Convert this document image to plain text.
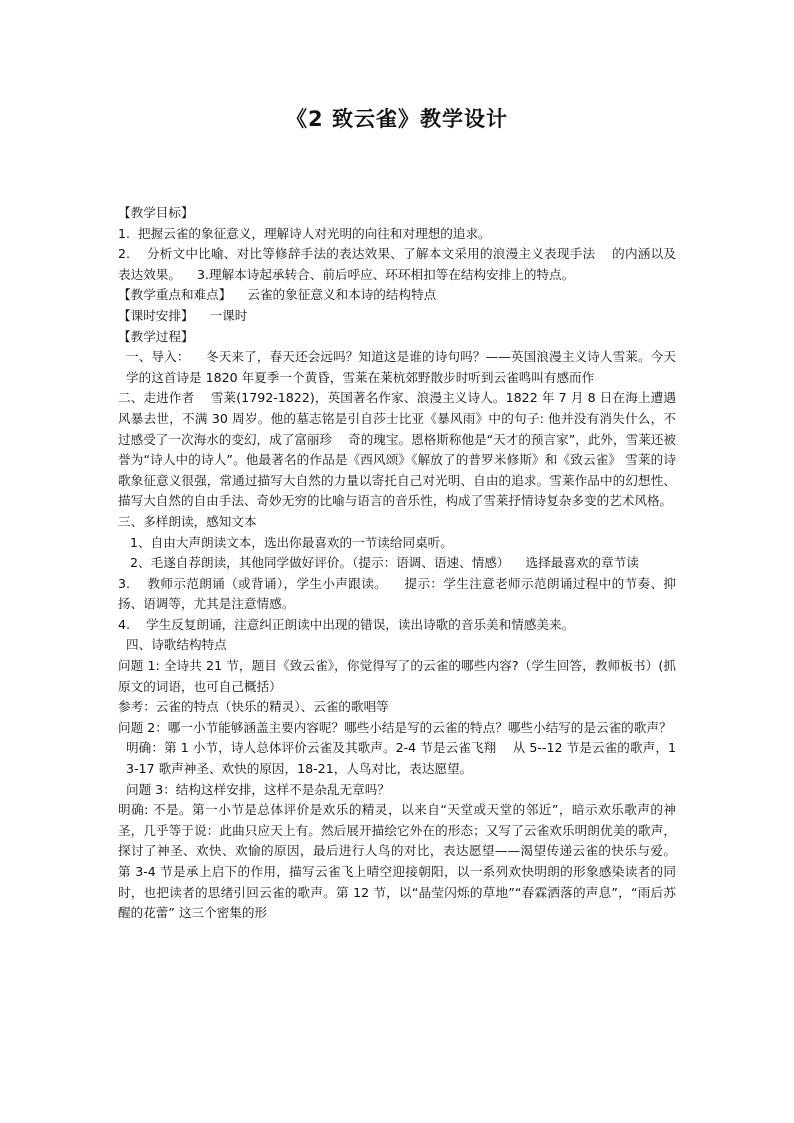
《2 致云雀》教学设计

【教学目标】

1.  把握云雀的象征意义，理解诗人对光明的向往和对理想的追求。

2.    分析文中比喻、对比等修辞手法的表达效果、了解本文采用的浪漫主义表现手法    的内涵以及表达效果。    3.理解本诗起承转合、前后呼应、环环相扣等在结构安排上的特点。

【教学重点和难点】    云雀的象征意义和本诗的结构特点

【课时安排】    一课时

【教学过程】

一、导入：    冬天来了，春天还会远吗？知道这是谁的诗句吗？——英国浪漫主义诗人雪莱。今天学的这首诗是 1820 年夏季一个黄昏，雪莱在莱杭郊野散步时听到云雀鸣叫有感而作

二、走进作者    雪莱(1792-1822)，英国著名作家、浪漫主义诗人。1822 年 7 月 8 日在海上遭遇风暴去世，不满 30 周岁。他的墓志铭是引自莎士比亚《暴风雨》中的句子: 他并没有消失什么，不过感受了一次海水的变幻，成了富丽珍    奇的瑰宝。恩格斯称他是“天才的预言家”，此外，雪莱还被誉为“诗人中的诗人”。他最著名的作品是《西风颂》《解放了的普罗米修斯》和《致云雀》 雪莱的诗歌象征意义很强，常通过描写大自然的力量以寄托自己对光明、自由的追求。雪莱作品中的幻想性、描写大自然的自由手法、奇妙无穷的比喻与语言的音乐性，构成了雪莱抒情诗复杂多变的艺术风格。

三、多样朗读，感知文本

1、自由大声朗读文本，选出你最喜欢的一节读给同桌听。

2、毛遂自荐朗读，其他同学做好评价。（提示：语调、语速、情感）    选择最喜欢的章节读

3.    教师示范朗诵（或背诵），学生小声跟读。    提示：学生注意老师示范朗诵过程中的节奏、抑扬、语调等，尤其是注意情感。

4.    学生反复朗诵，注意纠正朗读中出现的错误，读出诗歌的音乐美和情感美来。

四、诗歌结构特点

问题 1: 全诗共 21 节，题目《致云雀》，你觉得写了的云雀的哪些内容?（学生回答，教师板书）(抓原文的词语，也可自己概括）

参考：云雀的特点（快乐的精灵）、云雀的歌唱等

问题 2：哪一小节能够涵盖主要内容呢？哪些小结是写的云雀的特点？哪些小结写的是云雀的歌声？

明确：第 1 小节，诗人总体评价云雀及其歌声。2-4 节是云雀飞翔    从 5--12 节是云雀的歌声，13-17 歌声神圣、欢快的原因，18-21，人鸟对比，表达愿望。

问题 3：结构这样安排，这样不是杂乱无章吗？

明确: 不是。第一小节是总体评价是欢乐的精灵，以来自“天堂或天堂的邻近”，暗示欢乐歌声的神圣，几乎等于说：此曲只应天上有。然后展开描绘它外在的形态；又写了云雀欢乐明朗优美的歌声，探讨了神圣、欢快、欢愉的原因，最后进行人鸟的对比，表达愿望——渴望传递云雀的快乐与爱。    第 3-4 节是承上启下的作用，描写云雀飞上晴空迎接朝阳，以一系列欢快明朗的形象感染读者的同时，也把读者的思绪引回云雀的歌声。第 12 节，以“晶莹闪烁的草地”“春霖洒落的声息”，“雨后苏醒的花蕾” 这三个密集的形
